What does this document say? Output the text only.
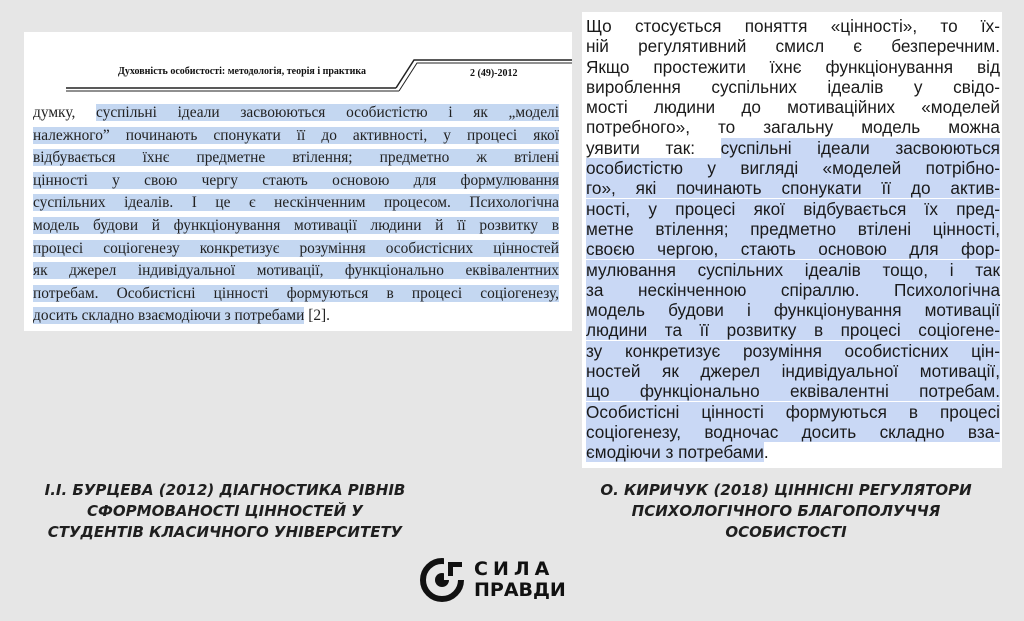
Духовність особистості: методологія, теорія і практика	2 (49)-2012
думку, суспільні ідеали засвоюються особистістю і як „моделі
належного” починають спонукати її до активності, у процесі якої
відбувається їхнє предметне втілення; предметно ж втілені
цінності у свою чергу стають основою для формулювання
суспільних ідеалів. І це є нескінченним процесом. Психологічна
модель будови й функціонування мотивації людини й її розвитку в
процесі соціогенезу конкретизує розуміння особистісних цінностей
як джерел індивідуальної мотивації, функціонально еквівалентних
потребам. Особистісні цінності формуються в процесі соціогенезу,
досить складно взаємодіючи з потребами [2].
Що стосується поняття «цінності», то їх-
ній регулятивний смисл є безперечним.
Якщо простежити їхнє функціонування від
вироблення суспільних ідеалів у свідо-
мості людини до мотиваційних «моделей
потребного», то загальну модель можна
уявити так: суспільні ідеали засвоюються
особистістю у вигляді «моделей потрібно-
го», які починають спонукати її до актив-
ності, у процесі якої відбувається їх пред-
метне втілення; предметно втілені цінності,
своєю чергою, стають основою для фор-
мулювання суспільних ідеалів тощо, і так
за нескінченною спіраллю. Психологічна
модель будови і функціонування мотивації
людини та її розвитку в процесі соціогене-
зу конкретизує розуміння особистісних цін-
ностей як джерел індивідуальної мотивації,
що функціонально еквівалентні потребам.
Особистісні цінності формуються в процесі
соціогенезу, водночас досить складно вза-
ємодіючи з потребами.
І.І. БУРЦЕВА (2012) ДІАГНОСТИКА РІВНІВ СФОРМОВАНОСТІ ЦІННОСТЕЙ У СТУДЕНТІВ КЛАСИЧНОГО УНІВЕРСИТЕТУ
О. КИРИЧУК (2018) ЦІННІСНІ РЕГУЛЯТОРИ ПСИХОЛОГІЧНОГО БЛАГОПОЛУЧЧЯ ОСОБИСТОСТІ
СИЛА
ПРАВДИ
